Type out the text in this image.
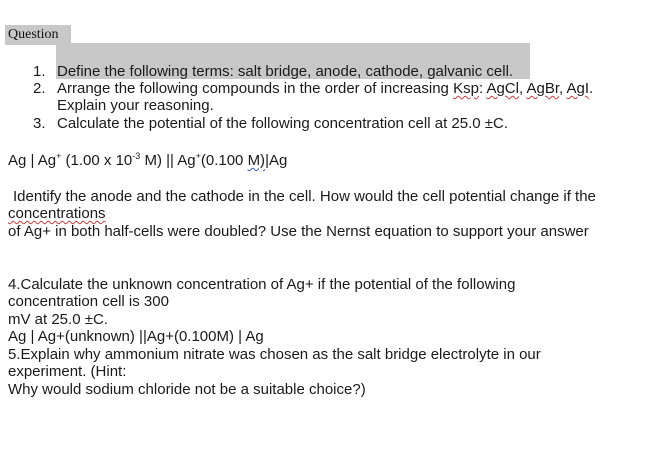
Question
1. Define the following terms: salt bridge, anode, cathode, galvanic cell.
2. Arrange the following compounds in the order of increasing Ksp: AgCl, AgBr, AgI.
Explain your reasoning.
3. Calculate the potential of the following concentration cell at 25.0 ±C.
Ag | Ag+ (1.00 x $10^{-3}$ M) || Ag+(0.100 M)|Ag
Identify the anode and the cathode in the cell. How would the cell potential change if the
concentrations
of Ag+ in both half-cells were doubled? Use the Nernst equation to support your answer
4.Calculate the unknown concentration of Ag+ if the potential of the following
concentration cell is 300
mV at 25.0 ±C.
Ag | Ag+(unknown) ||Ag+(0.100M) | Ag
5.Explain why ammonium nitrate was chosen as the salt bridge electrolyte in our
experiment. (Hint:
Why would sodium chloride not be a suitable choice?)
